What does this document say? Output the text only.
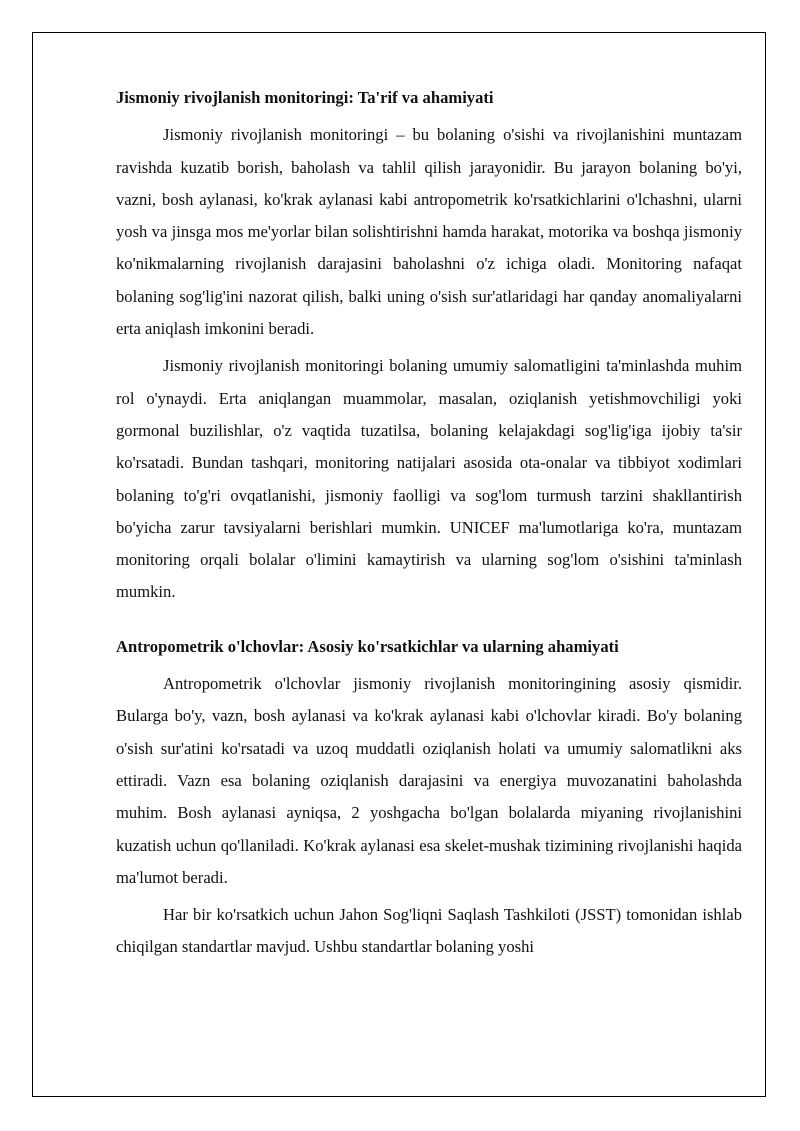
Jismoniy rivojlanish monitoringi: Ta'rif va ahamiyati

Jismoniy rivojlanish monitoringi – bu bolaning o'sishi va rivojlanishini muntazam ravishda kuzatib borish, baholash va tahlil qilish jarayonidir. Bu jarayon bolaning bo'yi, vazni, bosh aylanasi, ko'krak aylanasi kabi antropometrik ko'rsatkichlarini o'lchashni, ularni yosh va jinsga mos me'yorlar bilan solishtirishni hamda harakat, motorika va boshqa jismoniy ko'nikmalarning rivojlanish darajasini baholashni o'z ichiga oladi. Monitoring nafaqat bolaning sog'lig'ini nazorat qilish, balki uning o'sish sur'atlaridagi har qanday anomaliyalarni erta aniqlash imkonini beradi.

Jismoniy rivojlanish monitoringi bolaning umumiy salomatligini ta'minlashda muhim rol o'ynaydi. Erta aniqlangan muammolar, masalan, oziqlanish yetishmovchiligi yoki gormonal buzilishlar, o'z vaqtida tuzatilsa, bolaning kelajakdagi sog'lig'iga ijobiy ta'sir ko'rsatadi. Bundan tashqari, monitoring natijalari asosida ota-onalar va tibbiyot xodimlari bolaning to'g'ri ovqatlanishi, jismoniy faolligi va sog'lom turmush tarzini shakllantirish bo'yicha zarur tavsiyalarni berishlari mumkin. UNICEF ma'lumotlariga ko'ra, muntazam monitoring orqali bolalar o'limini kamaytirish va ularning sog'lom o'sishini ta'minlash mumkin.

Antropometrik o'lchovlar: Asosiy ko'rsatkichlar va ularning ahamiyati

Antropometrik o'lchovlar jismoniy rivojlanish monitoringining asosiy qismidir. Bularga bo'y, vazn, bosh aylanasi va ko'krak aylanasi kabi o'lchovlar kiradi. Bo'y bolaning o'sish sur'atini ko'rsatadi va uzoq muddatli oziqlanish holati va umumiy salomatlikni aks ettiradi. Vazn esa bolaning oziqlanish darajasini va energiya muvozanatini baholashda muhim. Bosh aylanasi ayniqsa, 2 yoshgacha bo'lgan bolalarda miyaning rivojlanishini kuzatish uchun qo'llaniladi. Ko'krak aylanasi esa skelet-mushak tizimining rivojlanishi haqida ma'lumot beradi.

Har bir ko'rsatkich uchun Jahon Sog'liqni Saqlash Tashkiloti (JSST) tomonidan ishlab chiqilgan standartlar mavjud. Ushbu standartlar bolaning yoshi
